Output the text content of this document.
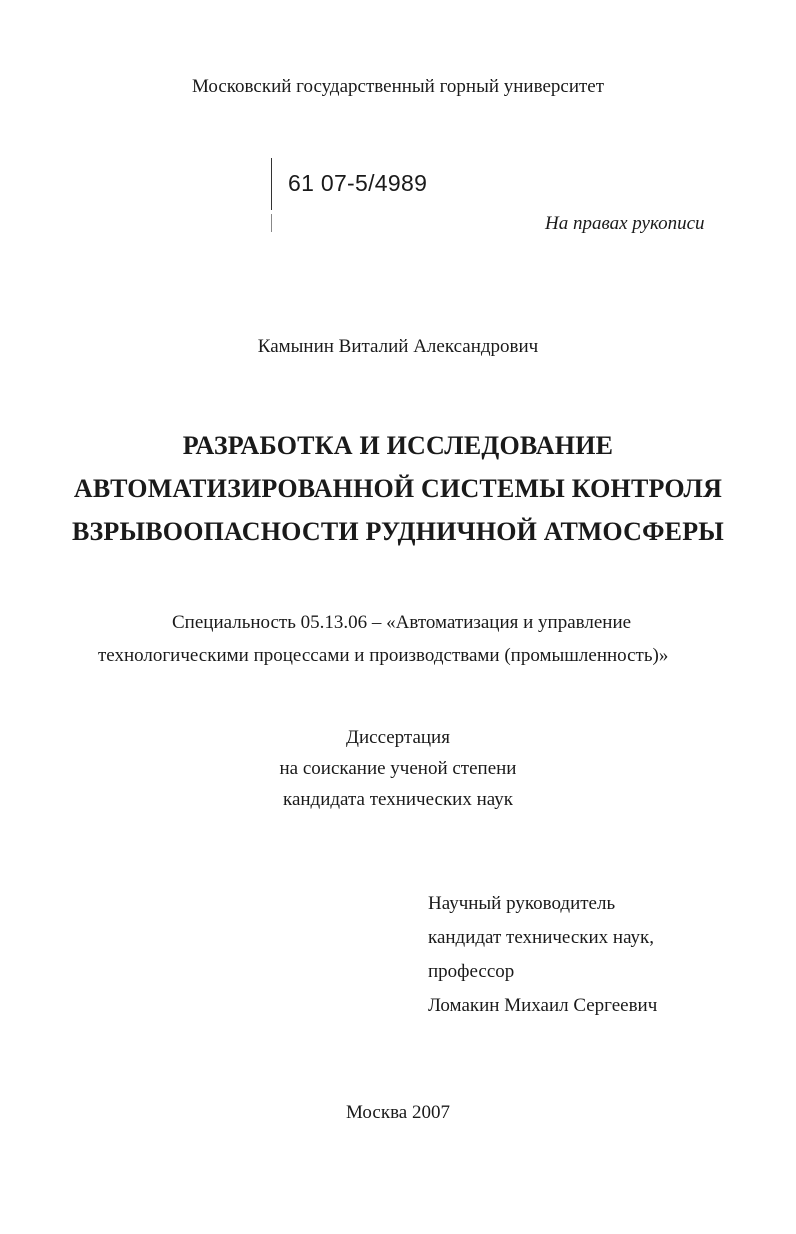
Московский государственный горный университет
61 07-5/4989
На правах рукописи
Камынин Виталий Александрович
РАЗРАБОТКА И ИССЛЕДОВАНИЕ
АВТОМАТИЗИРОВАННОЙ СИСТЕМЫ КОНТРОЛЯ
ВЗРЫВООПАСНОСТИ РУДНИЧНОЙ АТМОСФЕРЫ
Специальность 05.13.06 – «Автоматизация и управление
технологическими процессами и производствами (промышленность)»
Диссертация
на соискание ученой степени
кандидата технических наук
Научный руководитель
кандидат технических наук,
профессор
Ломакин Михаил Сергеевич
Москва 2007
